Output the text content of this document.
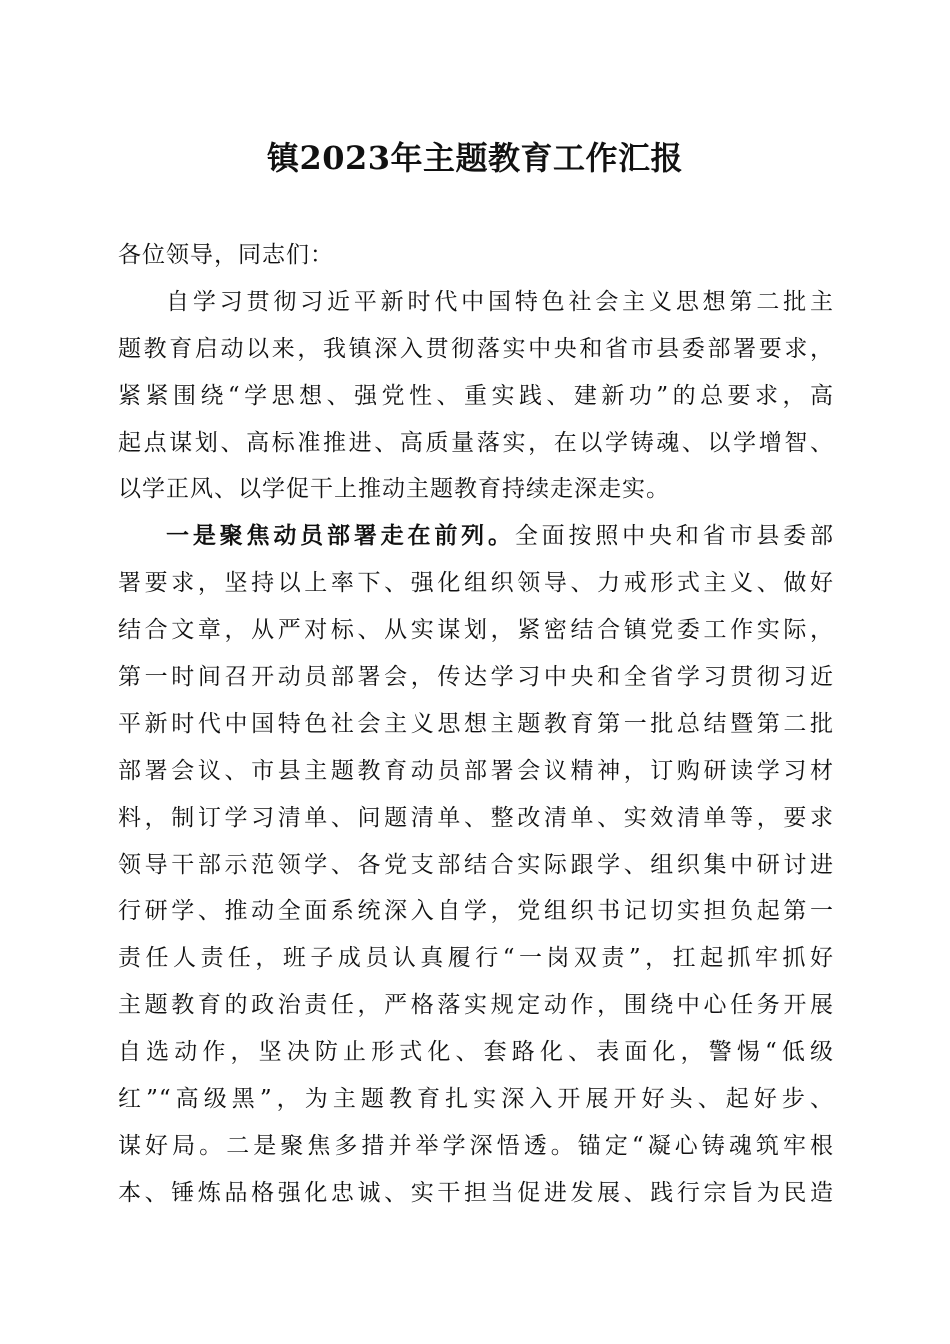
镇2023年主题教育工作汇报
各位领导，同志们：
自学习贯彻习近平新时代中国特色社会主义思想第二批主
题教育启动以来，我镇深入贯彻落实中央和省市县委部署要求，
紧紧围绕“学思想、强党性、重实践、建新功”的总要求，高
起点谋划、高标准推进、高质量落实，在以学铸魂、以学增智、
以学正风、以学促干上推动主题教育持续走深走实。
一是聚焦动员部署走在前列。全面按照中央和省市县委部
署要求，坚持以上率下、强化组织领导、力戒形式主义、做好
结合文章，从严对标、从实谋划，紧密结合镇党委工作实际，
第一时间召开动员部署会，传达学习中央和全省学习贯彻习近
平新时代中国特色社会主义思想主题教育第一批总结暨第二批
部署会议、市县主题教育动员部署会议精神，订购研读学习材
料，制订学习清单、问题清单、整改清单、实效清单等，要求
领导干部示范领学、各党支部结合实际跟学、组织集中研讨进
行研学、推动全面系统深入自学，党组织书记切实担负起第一
责任人责任，班子成员认真履行“一岗双责”，扛起抓牢抓好
主题教育的政治责任，严格落实规定动作，围绕中心任务开展
自选动作，坚决防止形式化、套路化、表面化，警惕“低级
红”“高级黑”，为主题教育扎实深入开展开好头、起好步、
谋好局。二是聚焦多措并举学深悟透。锚定“凝心铸魂筑牢根
本、锤炼品格强化忠诚、实干担当促进发展、践行宗旨为民造
